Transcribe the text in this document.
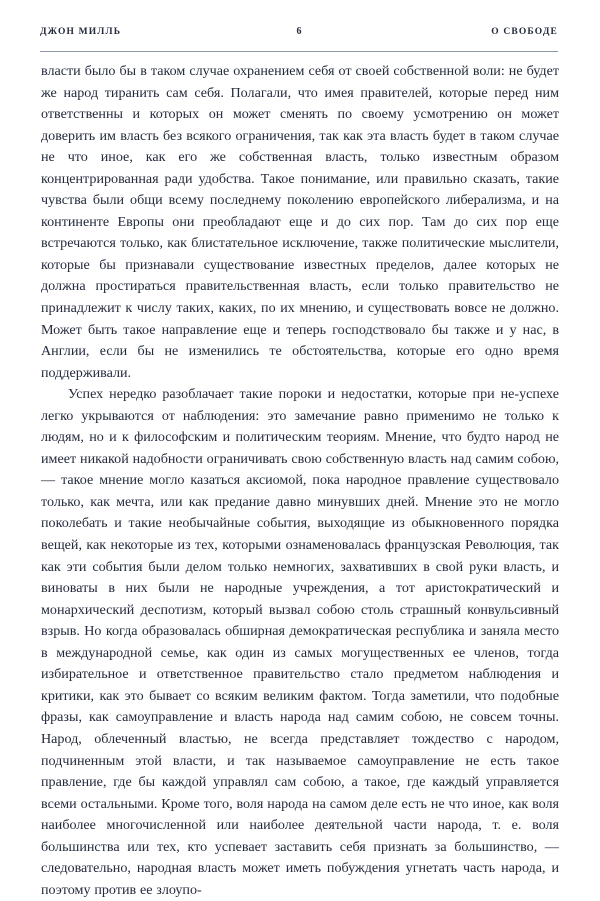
ДЖОН МИЛЛЬ	6	О СВОБОДЕ

власти было бы в таком случае охранением себя от своей собственной воли: не будет же народ тиранить сам себя. Полагали, что имея правителей, которые перед ним ответственны и которых он может сменять по своему усмотрению он может доверить им власть без всякого ограничения, так как эта власть будет в таком случае не что иное, как его же собственная власть, только известным образом концентрированная ради удобства. Такое понимание, или правильно сказать, такие чувства были общи всему последнему поколению европейского либерализма, и на континенте Европы они преобладают еще и до сих пор. Там до сих пор еще встречаются только, как блистательное исключение, также политические мыслители, которые бы признавали существование известных пределов, далее которых не должна простираться правительственная власть, если только правительство не принадлежит к числу таких, каких, по их мнению, и существовать вовсе не должно. Может быть такое направление еще и теперь господствовало бы также и у нас, в Англии, если бы не изменились те обстоятельства, которые его одно время поддерживали.

Успех нередко разоблачает такие пороки и недостатки, которые при не-успехе легко укрываются от наблюдения: это замечание равно применимо не только к людям, но и к философским и политическим теориям. Мнение, что будто народ не имеет никакой надобности ограничивать свою собственную власть над самим собою, — такое мнение могло казаться аксиомой, пока народное правление существовало только, как мечта, или как предание давно минувших дней. Мнение это не могло поколебать и такие необычайные события, выходящие из обыкновенного порядка вещей, как некоторые из тех, которыми ознаменовалась французская Революция, так как эти события были делом только немногих, захвативших в свой руки власть, и виноваты в них были не народные учреждения, а тот аристократический и монархический деспотизм, который вызвал собою столь страшный конвульсивный взрыв. Но когда образовалась обширная демократическая республика и заняла место в международной семье, как один из самых могущественных ее членов, тогда избирательное и ответственное правительство стало предметом наблюдения и критики, как это бывает со всяким великим фактом. Тогда заметили, что подобные фразы, как самоуправление и власть народа над самим собою, не совсем точны. Народ, облеченный властью, не всегда представляет тождество с народом, подчиненным этой власти, и так называемое самоуправление не есть такое правление, где бы каждой управлял сам собою, а такое, где каждый управляется всеми остальными. Кроме того, воля народа на самом деле есть не что иное, как воля наиболее многочисленной или наиболее деятельной части народа, т. е. воля большинства или тех, кто успевает заставить себя признать за большинство, — следовательно, народная власть может иметь побуждения угнетать часть народа, и поэтому против ее злоупо-
